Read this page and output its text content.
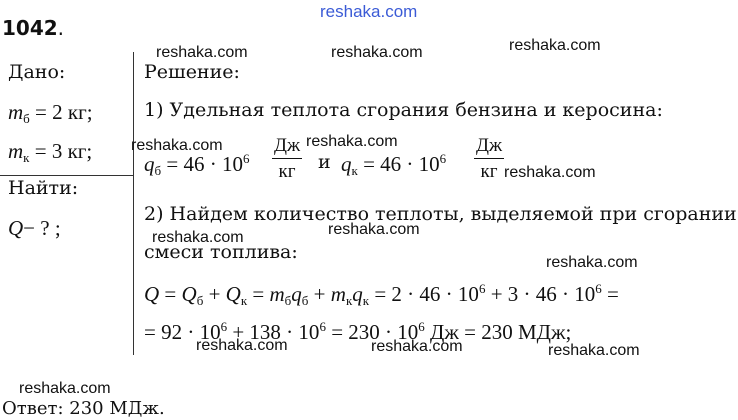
1042.
Дано:
$m_б = 2$ кг;
$m_к = 3$ кг;
Найти:
Q− ? ;
Решение:
1) Удельная теплота сгорания бензина и керосина:
$q_б = 46 \cdot 10^6$
Дж
кг	и $q_к = 46 \cdot 10^6$
Дж
кг
2) Найдем количество теплоты, выделяемой при сгорании
смеси топлива:
$Q = Q_б + Q_к = m_бq_б + m_кq_к = 2 \cdot 46 \cdot 10^6 + 3 \cdot 46 \cdot 10^6$ =
= $92 \cdot 10^6 + 138 \cdot 10^6 = 230 \cdot 10^6$ Дж = 230 МДж;
Ответ: 230 МДж.
reshaka.com
reshaka.com	reshaka.com	reshaka.com
reshaka.com	reshaka.com
reshaka.com
reshaka.com	reshaka.com
reshaka.com
reshaka.com	reshaka.com	reshaka.com
reshaka.com
